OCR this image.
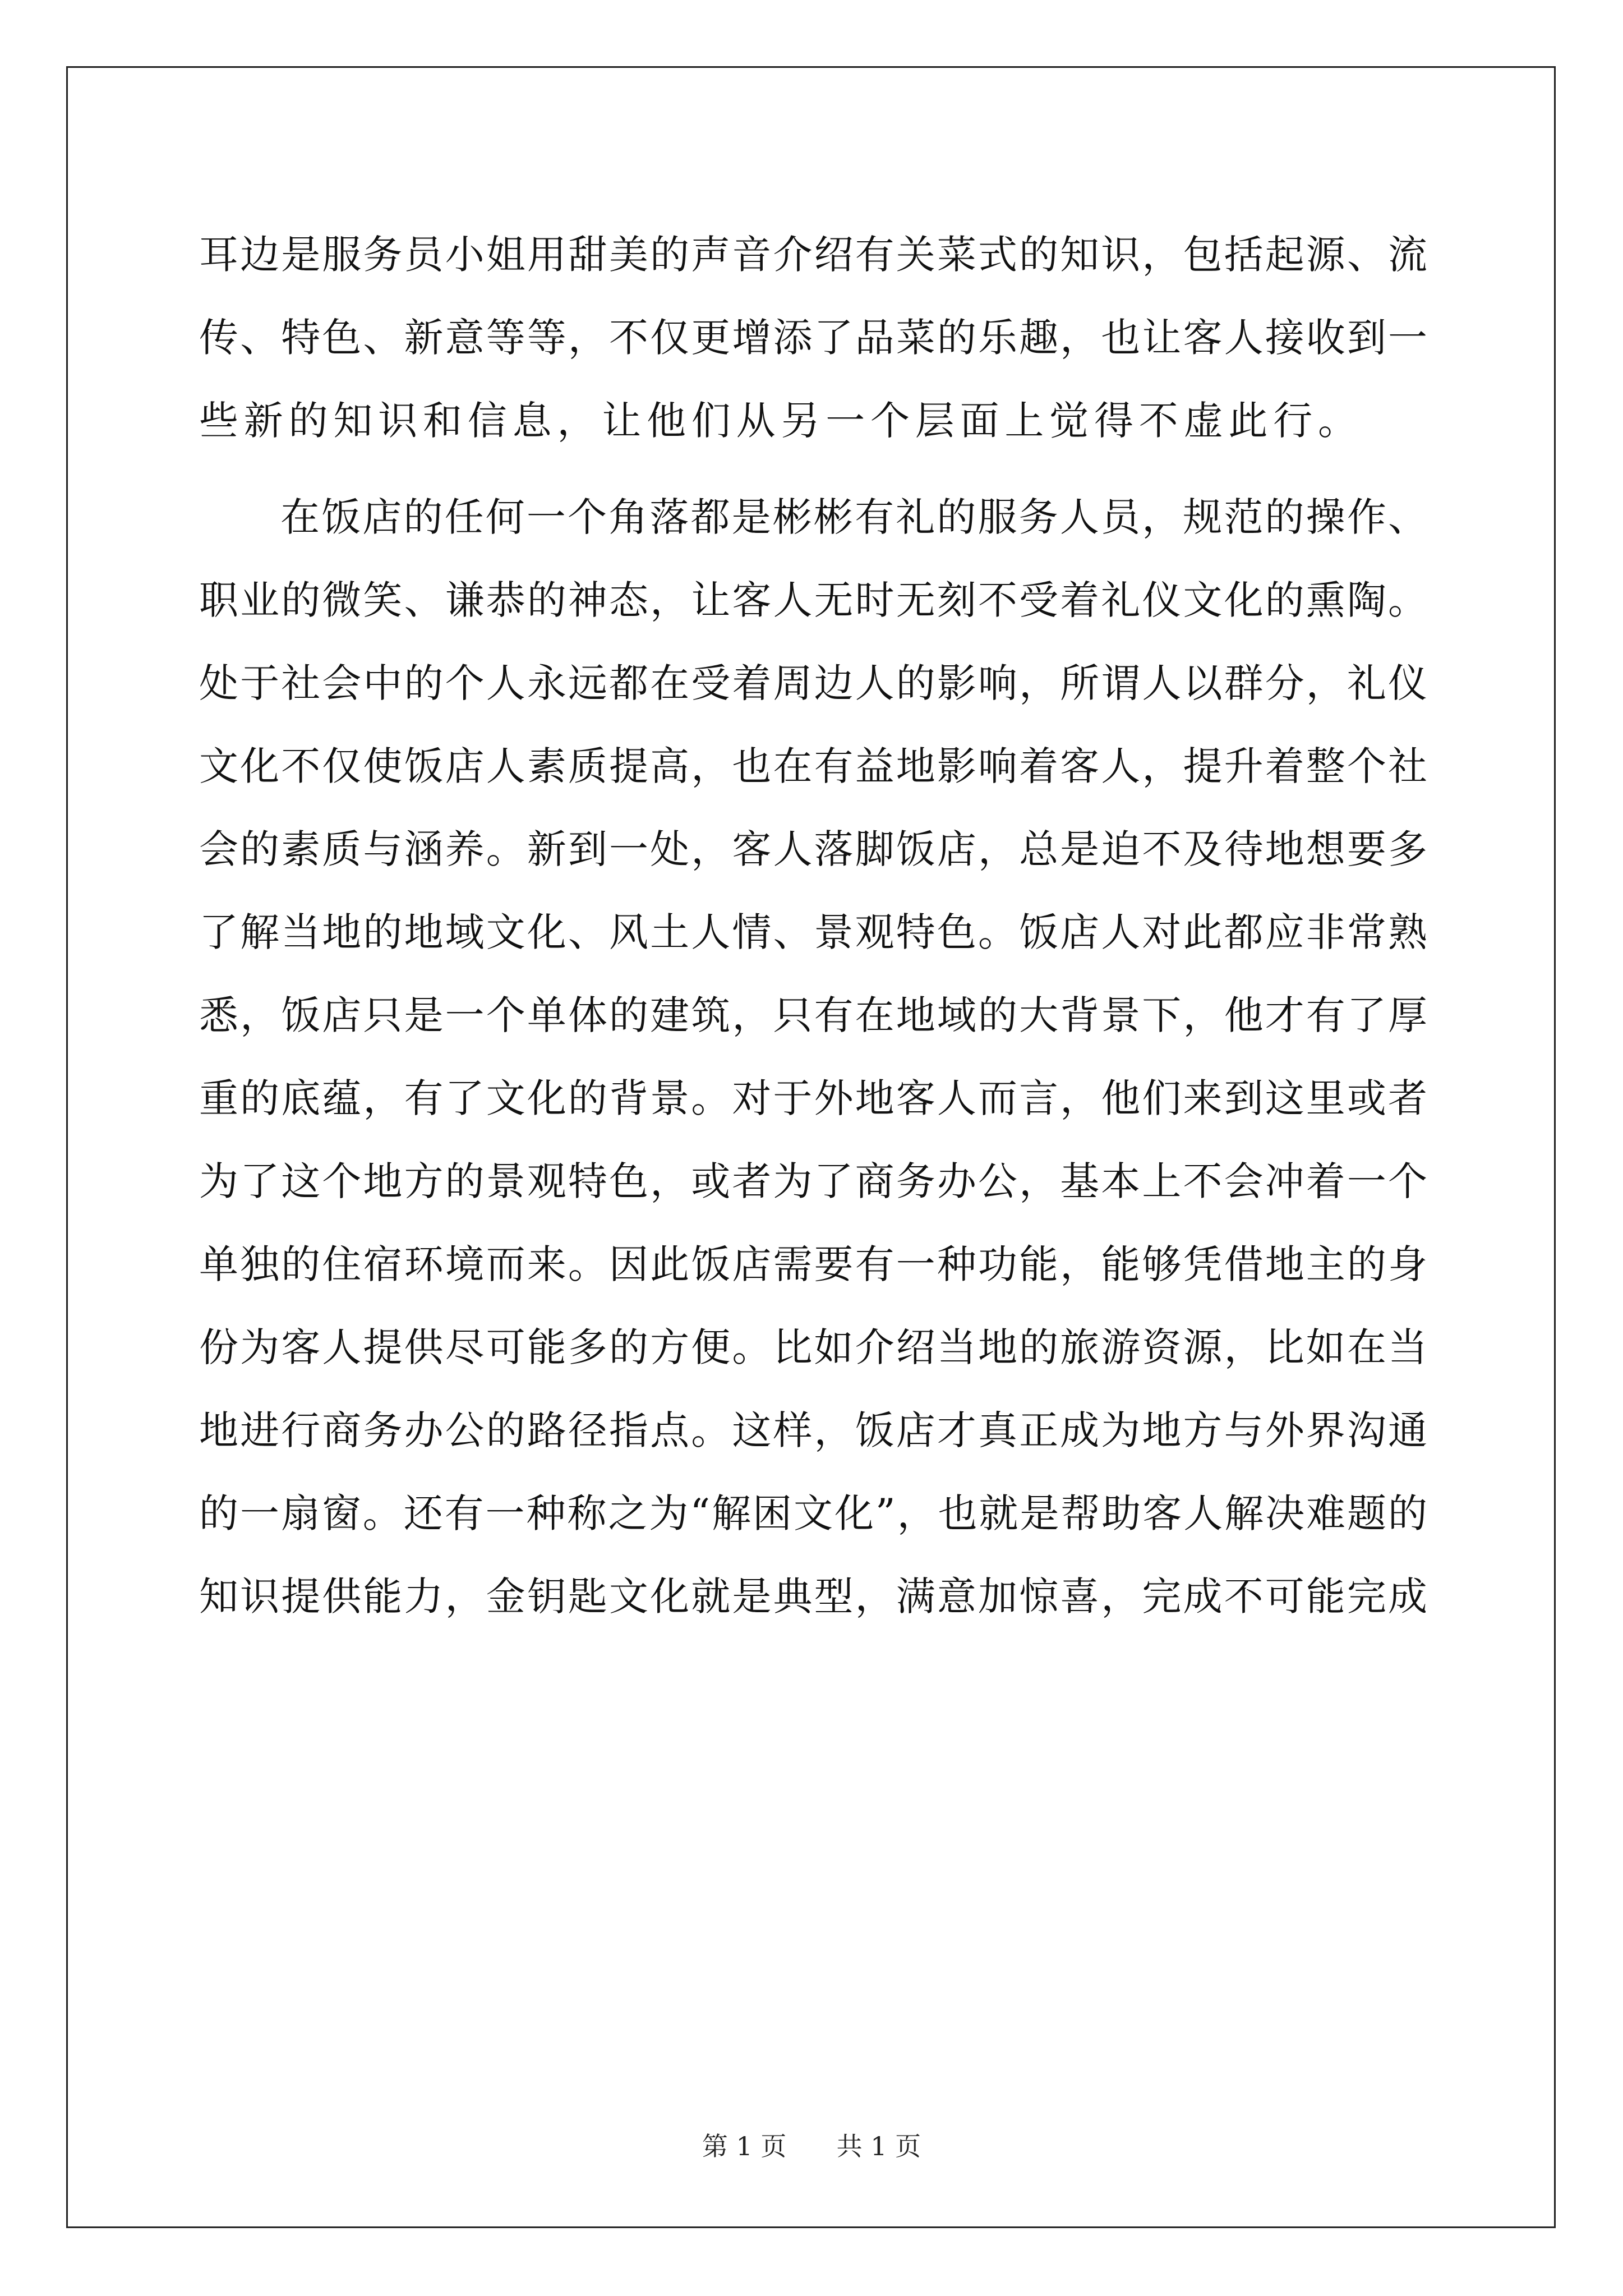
耳边是服务员小姐用甜美的声音介绍有关菜式的知识，包括起源、流
传、特色、新意等等，不仅更增添了品菜的乐趣，也让客人接收到一
些新的知识和信息，让他们从另一个层面上觉得不虚此行。
在饭店的任何一个角落都是彬彬有礼的服务人员，规范的操作、
职业的微笑、谦恭的神态，让客人无时无刻不受着礼仪文化的熏陶。
处于社会中的个人永远都在受着周边人的影响，所谓人以群分，礼仪
文化不仅使饭店人素质提高，也在有益地影响着客人，提升着整个社
会的素质与涵养。新到一处，客人落脚饭店，总是迫不及待地想要多
了解当地的地域文化、风土人情、景观特色。饭店人对此都应非常熟
悉，饭店只是一个单体的建筑，只有在地域的大背景下，他才有了厚
重的底蕴，有了文化的背景。对于外地客人而言，他们来到这里或者
为了这个地方的景观特色，或者为了商务办公，基本上不会冲着一个
单独的住宿环境而来。因此饭店需要有一种功能，能够凭借地主的身
份为客人提供尽可能多的方便。比如介绍当地的旅游资源，比如在当
地进行商务办公的路径指点。这样，饭店才真正成为地方与外界沟通
的一扇窗。还有一种称之为“解困文化”，也就是帮助客人解决难题的
知识提供能力，金钥匙文化就是典型，满意加惊喜，完成不可能完成
第 1 页 共 1 页
